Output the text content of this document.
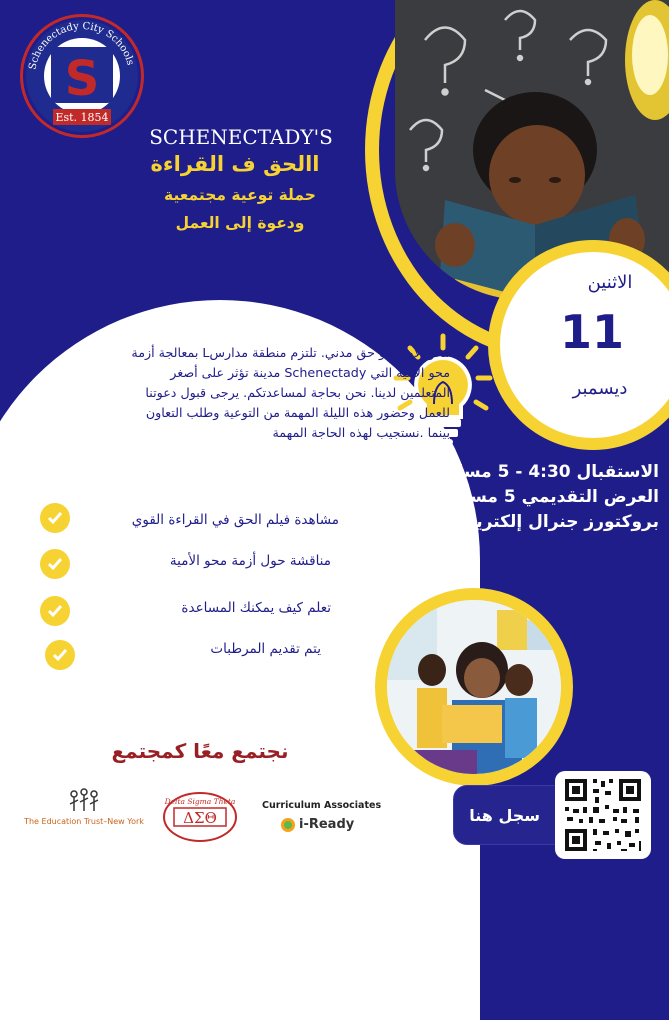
Schenectady City Schools
S
Est. 1854
SCHENECTADY'S
االحق ف القراءة
حملة توعية مجتمعية
ودعوة إلى العمل
الاثنين
11
ديسمبر
الاستقبال 4:30 - 5 مساء
العرض التقديمي 5 مساء
بروكتورز جنرال إلكتريك ثياتر
محو الأمية هو حق مدني. تلتزم منطقة مدارسL بمعالجة أزمة محو الأمية التي Schenectady مدينة تؤثر على أصغر المتعلمين لدينا. نحن بحاجة لمساعدتكم. يرجى قبول دعوتنا للعمل وحضور هذه الليلة المهمة من التوعية وطلب التعاون بينما .نستجيب لهذه الحاجة المهمة
مشاهدة فيلم الحق في القراءة القوي
مناقشة حول أزمة محو الأمية
تعلم كيف يمكنك المساعدة
يتم تقديم المرطبات
نجتمع معًا كمجتمع
The Education Trust–New York
Delta Sigma Theta
ΔΣΘ
Curriculum Associates
i-Ready	سجل هنا
